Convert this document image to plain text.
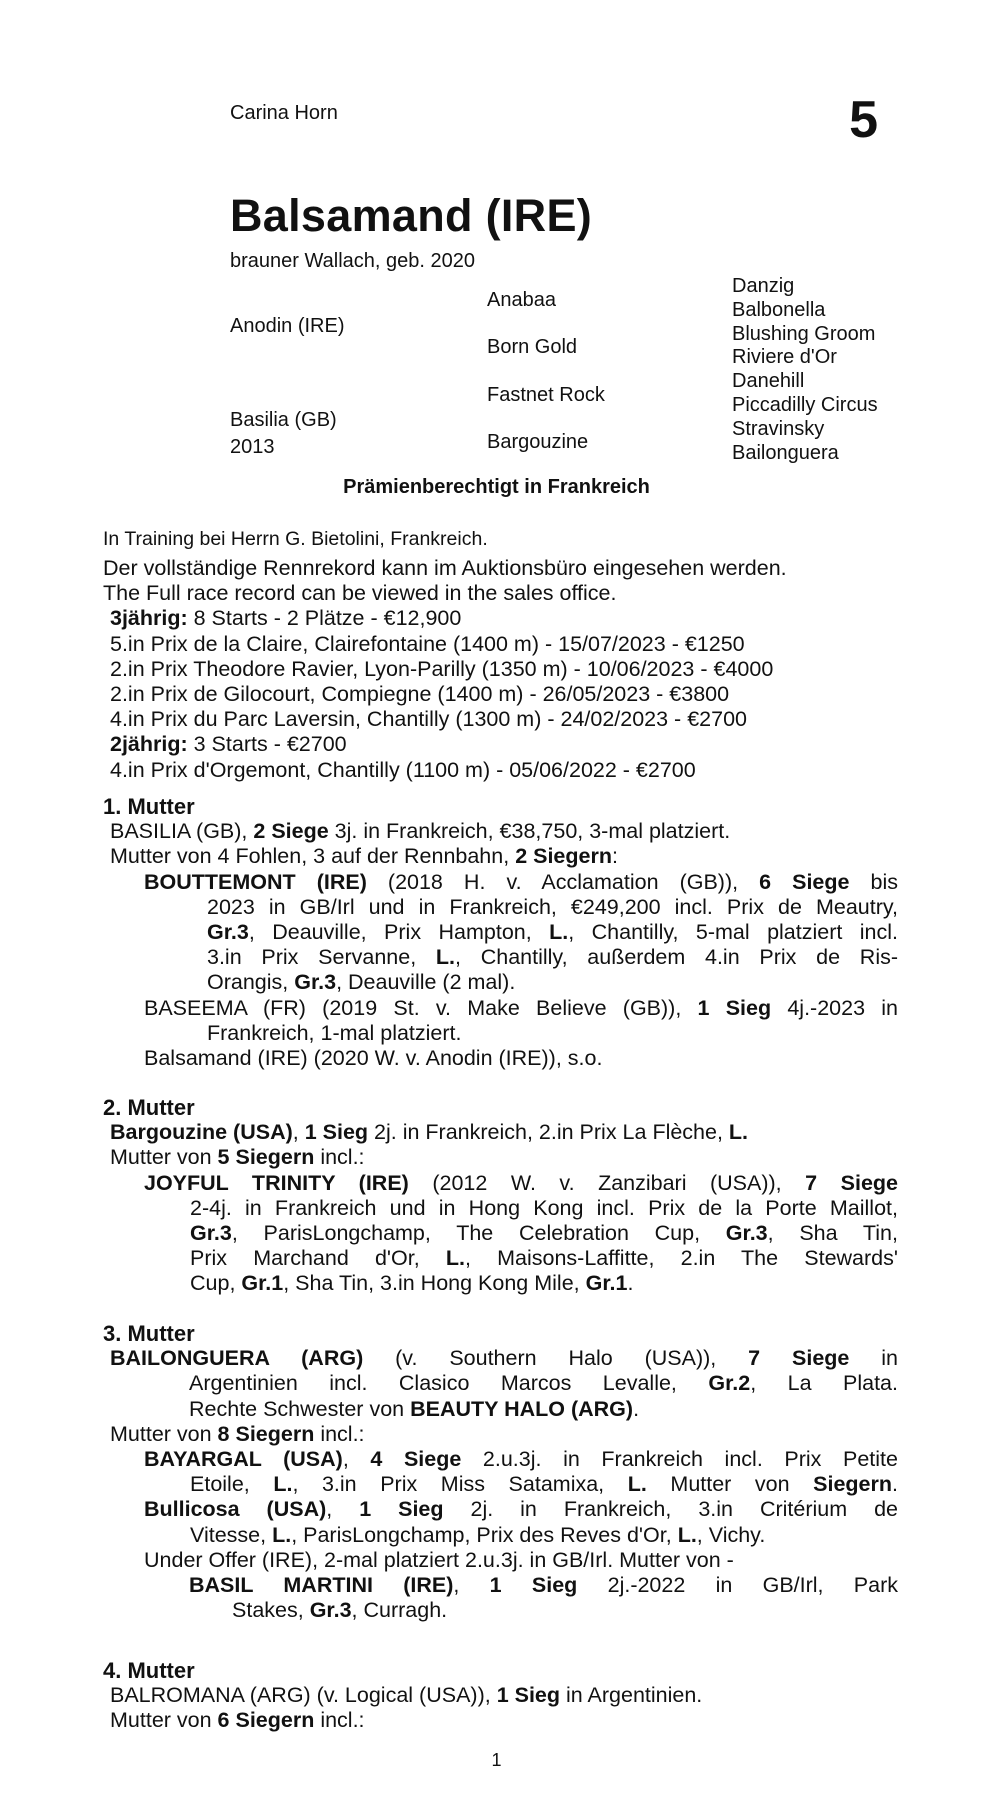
Carina Horn	5
Balsamand (IRE)
brauner Wallach, geb. 2020
Anodin (IRE)
Basilia (GB)
2013
Anabaa
Born Gold
Fastnet Rock
Bargouzine
Danzig
Balbonella
Blushing Groom
Riviere d'Or
Danehill
Piccadilly Circus
Stravinsky
Bailonguera
Prämienberechtigt in Frankreich
In Training bei Herrn G. Bietolini, Frankreich.
Der vollständige Rennrekord kann im Auktionsbüro eingesehen werden.
The Full race record can be viewed in the sales office.
3jährig: 8 Starts - 2 Plätze - €12,900
5.in Prix de la Claire, Clairefontaine (1400 m) - 15/07/2023 - €1250
2.in Prix Theodore Ravier, Lyon-Parilly (1350 m) - 10/06/2023 - €4000
2.in Prix de Gilocourt, Compiegne (1400 m) - 26/05/2023 - €3800
4.in Prix du Parc Laversin, Chantilly (1300 m) - 24/02/2023 - €2700
2jährig: 3 Starts - €2700
4.in Prix d'Orgemont, Chantilly (1100 m) - 05/06/2022 - €2700
1. Mutter
BASILIA (GB), 2 Siege 3j. in Frankreich, €38,750, 3-mal platziert.
Mutter von 4 Fohlen, 3 auf der Rennbahn, 2 Siegern:
BOUTTEMONT (IRE) (2018 H. v. Acclamation (GB)), 6 Siege bis
2023 in GB/Irl und in Frankreich, €249,200 incl. Prix de Meautry,
Gr.3, Deauville, Prix Hampton, L., Chantilly, 5-mal platziert incl.
3.in Prix Servanne, L., Chantilly, außerdem 4.in Prix de Ris-
Orangis, Gr.3, Deauville (2 mal).
BASEEMA (FR) (2019 St. v. Make Believe (GB)), 1 Sieg 4j.-2023 in
Frankreich, 1-mal platziert.
Balsamand (IRE) (2020 W. v. Anodin (IRE)), s.o.
2. Mutter
Bargouzine (USA), 1 Sieg 2j. in Frankreich, 2.in Prix La Flèche, L.
Mutter von 5 Siegern incl.:
JOYFUL TRINITY (IRE) (2012 W. v. Zanzibari (USA)), 7 Siege
2-4j. in Frankreich und in Hong Kong incl. Prix de la Porte Maillot,
Gr.3, ParisLongchamp, The Celebration Cup, Gr.3, Sha Tin,
Prix Marchand d'Or, L., Maisons-Laffitte, 2.in The Stewards'
Cup, Gr.1, Sha Tin, 3.in Hong Kong Mile, Gr.1.
3. Mutter
BAILONGUERA (ARG) (v. Southern Halo (USA)), 7 Siege in
Argentinien incl. Clasico Marcos Levalle, Gr.2, La Plata.
Rechte Schwester von BEAUTY HALO (ARG).
Mutter von 8 Siegern incl.:
BAYARGAL (USA), 4 Siege 2.u.3j. in Frankreich incl. Prix Petite
Etoile, L., 3.in Prix Miss Satamixa, L. Mutter von Siegern.
Bullicosa (USA), 1 Sieg 2j. in Frankreich, 3.in Critérium de
Vitesse, L., ParisLongchamp, Prix des Reves d'Or, L., Vichy.
Under Offer (IRE), 2-mal platziert 2.u.3j. in GB/Irl. Mutter von -
BASIL MARTINI (IRE), 1 Sieg 2j.-2022 in GB/Irl, Park
Stakes, Gr.3, Curragh.
4. Mutter
BALROMANA (ARG) (v. Logical (USA)), 1 Sieg in Argentinien.
Mutter von 6 Siegern incl.:
1
